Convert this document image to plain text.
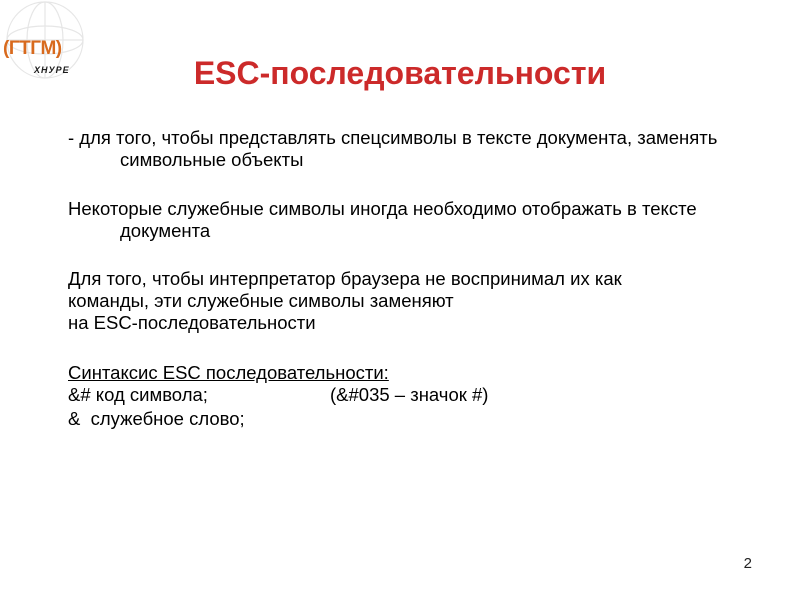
(ГТГМ)
ХНУРЕ	ESC-последовательности

- для того, чтобы представлять спецсимволы в тексте документа, заменять символьные объекты

Некоторые служебные символы иногда необходимо отображать в тексте документа

Для того, чтобы интерпретатор браузера не воспринимал их как

команды, эти служебные символы заменяют

на ESC-последовательности

Синтаксис ESC последовательности:

&# код символа;	(&#035 – значок #)
&  служебное слово;
2
